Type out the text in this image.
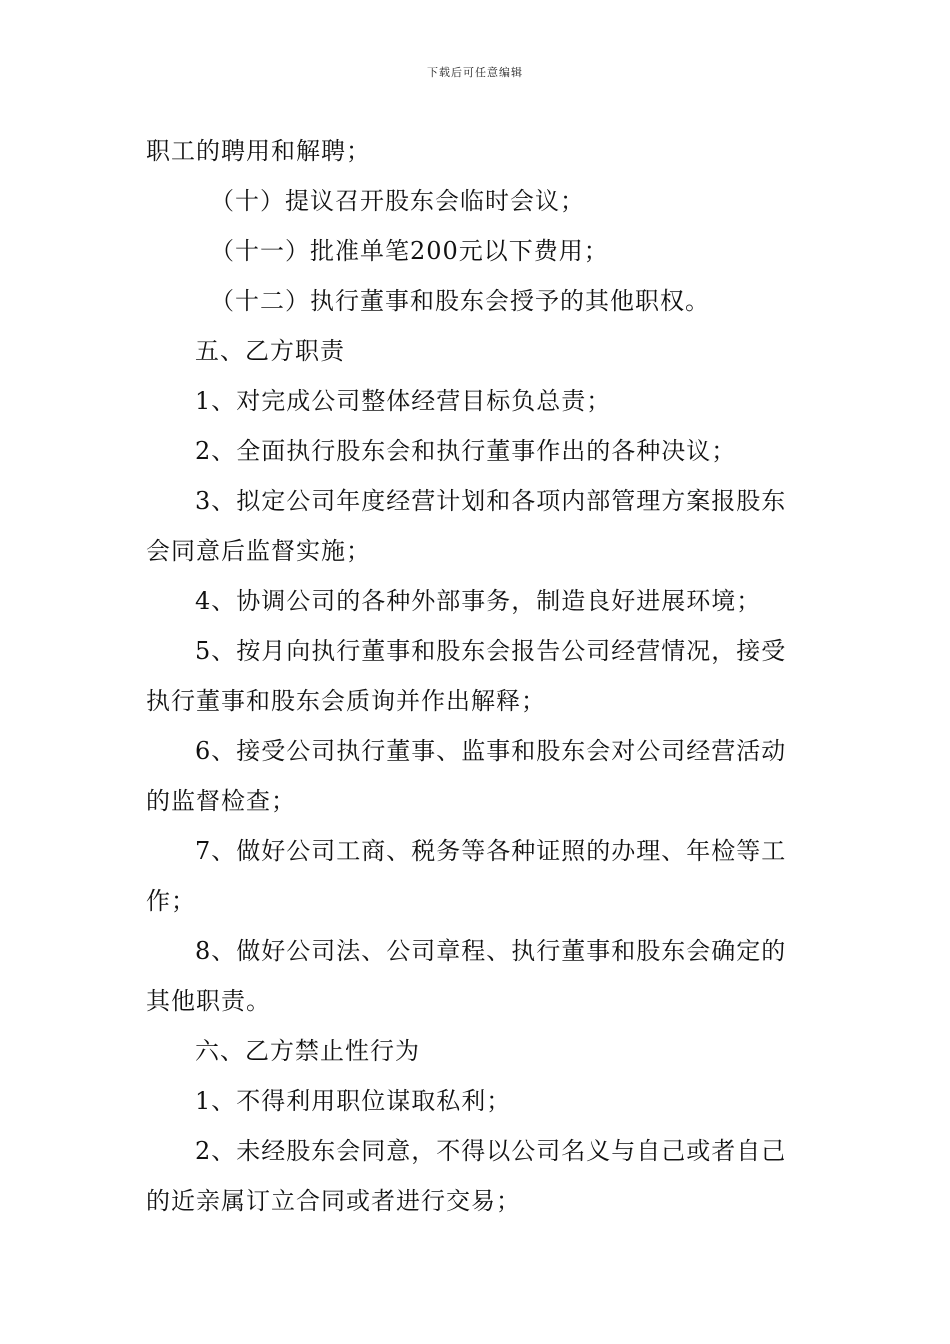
下载后可任意编辑

职工的聘用和解聘；

（十）提议召开股东会临时会议；

（十一）批准单笔200元以下费用；

（十二）执行董事和股东会授予的其他职权。

五、乙方职责

1、对完成公司整体经营目标负总责；

2、全面执行股东会和执行董事作出的各种决议；

3、拟定公司年度经营计划和各项内部管理方案报股东

会同意后监督实施；

4、协调公司的各种外部事务，制造良好进展环境；

5、按月向执行董事和股东会报告公司经营情况，接受

执行董事和股东会质询并作出解释；

6、接受公司执行董事、监事和股东会对公司经营活动

的监督检查；

7、做好公司工商、税务等各种证照的办理、年检等工

作；

8、做好公司法、公司章程、执行董事和股东会确定的

其他职责。

六、乙方禁止性行为

1、不得利用职位谋取私利；

2、未经股东会同意，不得以公司名义与自己或者自己

的近亲属订立合同或者进行交易；
